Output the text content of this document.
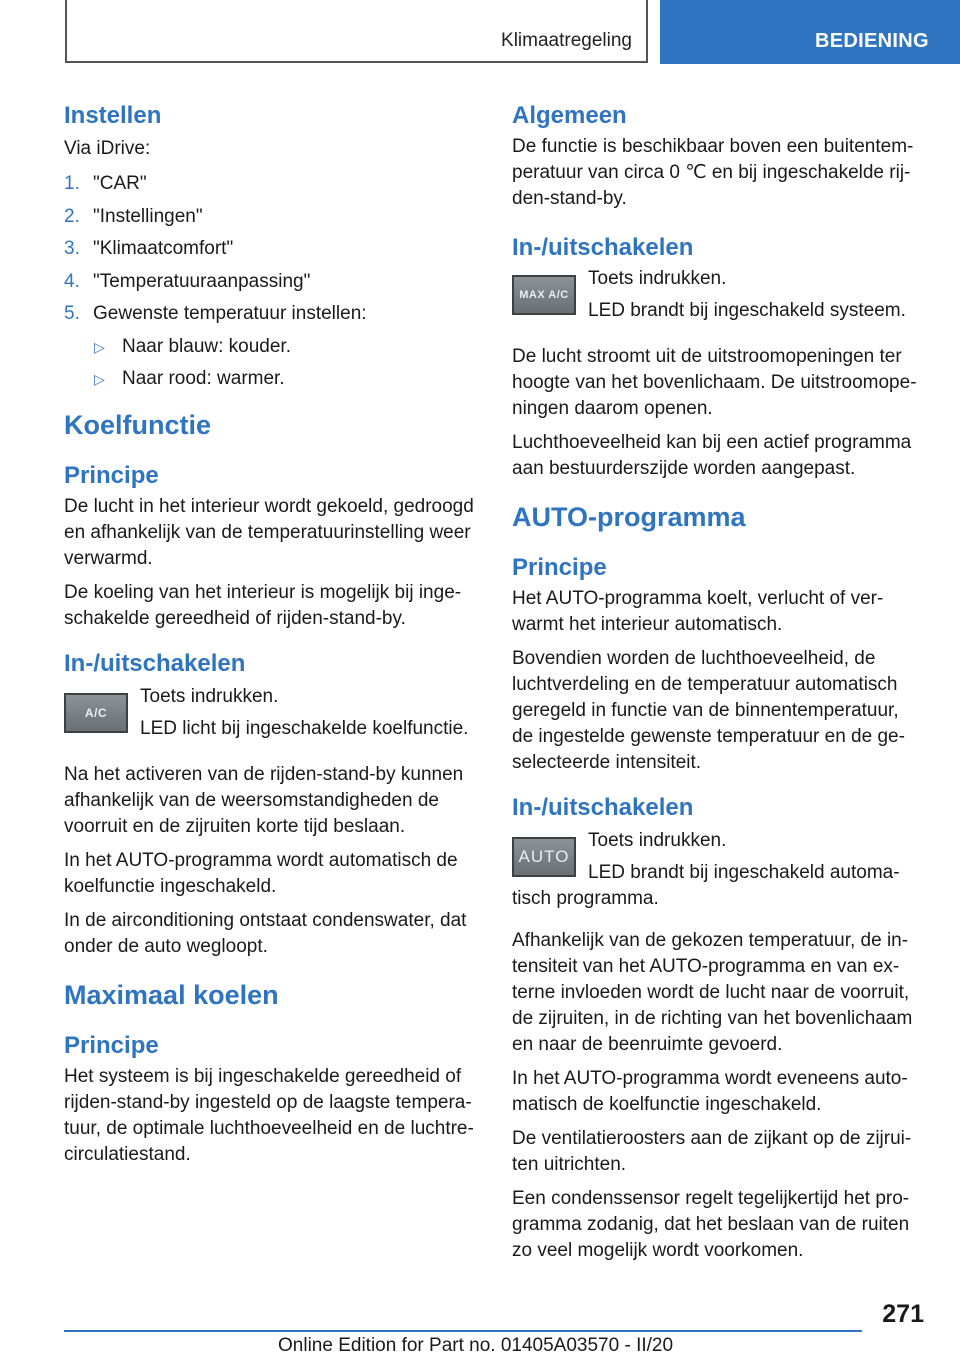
Klimaatregeling	BEDIENING
Instellen

Via iDrive:

1. "CAR"
2. "Instellingen"
3. "Klimaatcomfort"
4. "Temperatuuraanpassing"
5. Gewenste temperatuur instellen:
▷ Naar blauw: kouder.
▷ Naar rood: warmer.
Koelfunctie
Principe

De lucht in het interieur wordt gekoeld, gedroogd en afhankelijk van de temperatuurinstelling weer verwarmd.

De koeling van het interieur is mogelijk bij ingeschakelde gereedheid of rijden-stand-by.

In-/uitschakelen
A/C

Toets indrukken.

LED licht bij ingeschakelde koelfunctie.

Na het activeren van de rijden-stand-by kunnen afhankelijk van de weersomstandigheden de voorruit en de zijruiten korte tijd beslaan.

In het AUTO-programma wordt automatisch de koelfunctie ingeschakeld.

In de airconditioning ontstaat condenswater, dat onder de auto wegloopt.

Maximaal koelen
Principe

Het systeem is bij ingeschakelde gereedheid of rijden-stand-by ingesteld op de laagste temperatuur, de optimale luchthoeveelheid en de luchtrecirculatiestand.

Algemeen

De functie is beschikbaar boven een buitentemperatuur van circa 0 ℃ en bij ingeschakelde rijden-stand-by.

In-/uitschakelen
MAX A/C

Toets indrukken.

LED brandt bij ingeschakeld systeem.

De lucht stroomt uit de uitstroomopeningen ter hoogte van het bovenlichaam. De uitstroomopeningen daarom openen.

Luchthoeveelheid kan bij een actief programma aan bestuurderszijde worden aangepast.

AUTO-programma
Principe

Het AUTO-programma koelt, verlucht of verwarmt het interieur automatisch.

Bovendien worden de luchthoeveelheid, de luchtverdeling en de temperatuur automatisch geregeld in functie van de binnentemperatuur, de ingestelde gewenste temperatuur en de geselecteerde intensiteit.

In-/uitschakelen
AUTO

Toets indrukken.

LED brandt bij ingeschakeld automatisch programma.

Afhankelijk van de gekozen temperatuur, de intensiteit van het AUTO-programma en van externe invloeden wordt de lucht naar de voorruit, de zijruiten, in de richting van het bovenlichaam en naar de beenruimte gevoerd.

In het AUTO-programma wordt eveneens automatisch de koelfunctie ingeschakeld.

De ventilatieroosters aan de zijkant op de zijruiten uitrichten.

Een condenssensor regelt tegelijkertijd het programma zodanig, dat het beslaan van de ruiten zo veel mogelijk wordt voorkomen.

271
Online Edition for Part no. 01405A03570 - II/20
